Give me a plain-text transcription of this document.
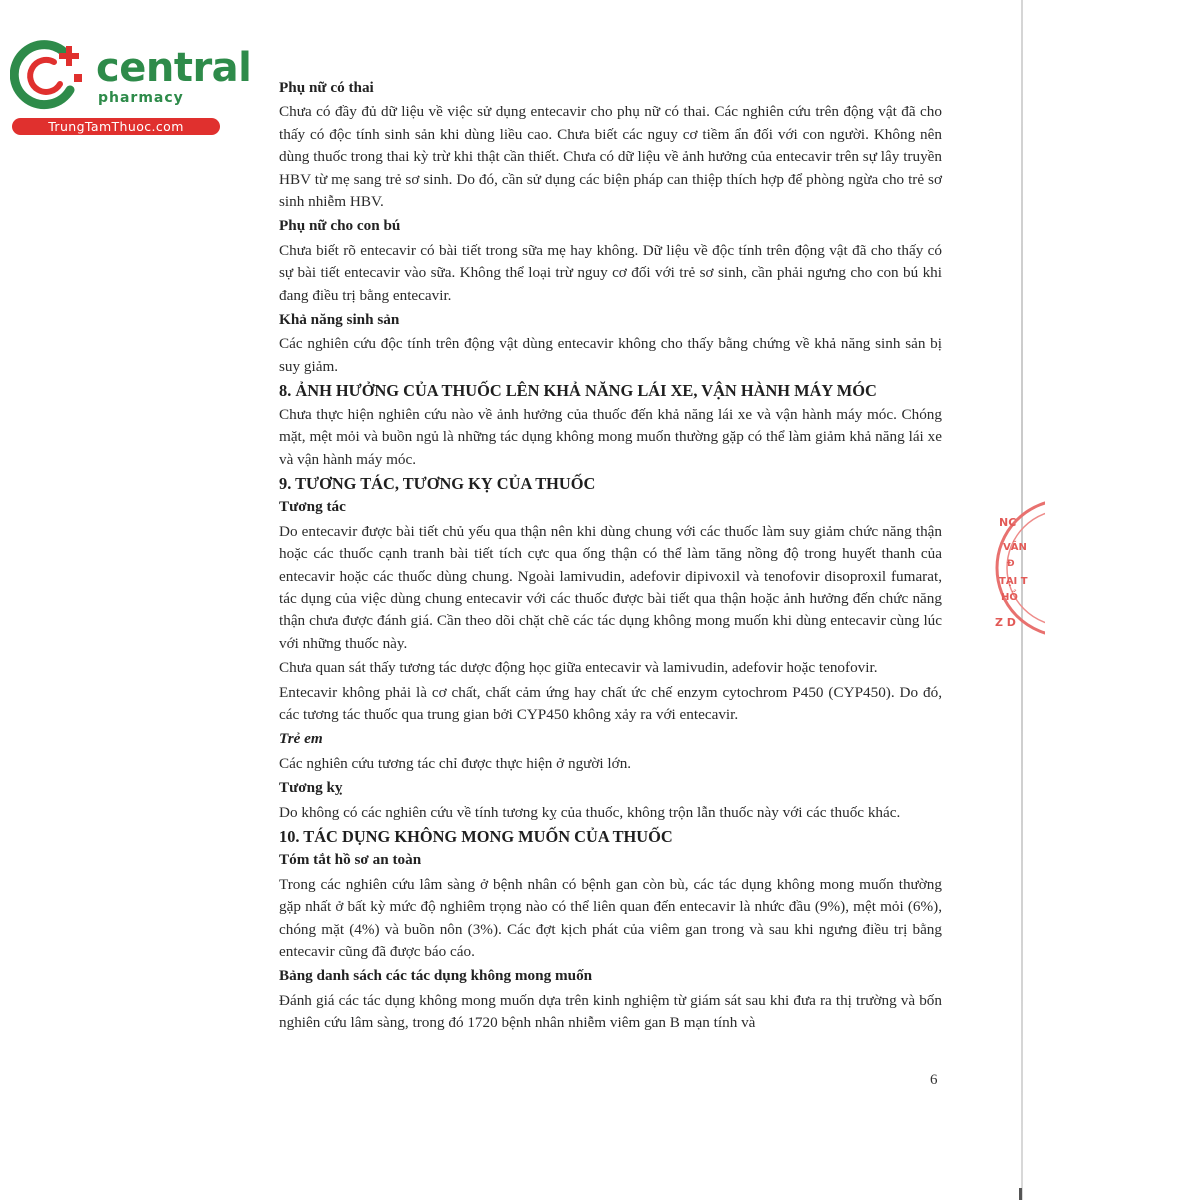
central
pharmacy
TrungTamThuoc.com
NC
VĂN
Đ
TẠI T
HỒ
Z D

Phụ nữ có thai

Chưa có đầy đủ dữ liệu về việc sử dụng entecavir cho phụ nữ có thai. Các nghiên cứu trên động vật đã cho thấy có độc tính sinh sản khi dùng liều cao. Chưa biết các nguy cơ tiềm ẩn đối với con người. Không nên dùng thuốc trong thai kỳ trừ khi thật cần thiết. Chưa có dữ liệu về ảnh hưởng của entecavir trên sự lây truyền HBV từ mẹ sang trẻ sơ sinh. Do đó, cần sử dụng các biện pháp can thiệp thích hợp để phòng ngừa cho trẻ sơ sinh nhiễm HBV.

Phụ nữ cho con bú

Chưa biết rõ entecavir có bài tiết trong sữa mẹ hay không. Dữ liệu về độc tính trên động vật đã cho thấy có sự bài tiết entecavir vào sữa. Không thể loại trừ nguy cơ đối với trẻ sơ sinh, cần phải ngưng cho con bú khi đang điều trị bằng entecavir.

Khả năng sinh sản

Các nghiên cứu độc tính trên động vật dùng entecavir không cho thấy bằng chứng về khả năng sinh sản bị suy giảm.

8. ẢNH HƯỞNG CỦA THUỐC LÊN KHẢ NĂNG LÁI XE, VẬN HÀNH MÁY MÓC

Chưa thực hiện nghiên cứu nào về ảnh hưởng của thuốc đến khả năng lái xe và vận hành máy móc. Chóng mặt, mệt mỏi và buồn ngủ là những tác dụng không mong muốn thường gặp có thể làm giảm khả năng lái xe và vận hành máy móc.

9. TƯƠNG TÁC, TƯƠNG KỴ CỦA THUỐC

Tương tác

Do entecavir được bài tiết chủ yếu qua thận nên khi dùng chung với các thuốc làm suy giảm chức năng thận hoặc các thuốc cạnh tranh bài tiết tích cực qua ống thận có thể làm tăng nồng độ trong huyết thanh của entecavir hoặc các thuốc dùng chung. Ngoài lamivudin, adefovir dipivoxil và tenofovir disoproxil fumarat, tác dụng của việc dùng chung entecavir với các thuốc được bài tiết qua thận hoặc ảnh hưởng đến chức năng thận chưa được đánh giá. Cần theo dõi chặt chẽ các tác dụng không mong muốn khi dùng entecavir cùng lúc với những thuốc này.

Chưa quan sát thấy tương tác dược động học giữa entecavir và lamivudin, adefovir hoặc tenofovir.

Entecavir không phải là cơ chất, chất cảm ứng hay chất ức chế enzym cytochrom P450 (CYP450). Do đó, các tương tác thuốc qua trung gian bởi CYP450 không xảy ra với entecavir.

Trẻ em

Các nghiên cứu tương tác chỉ được thực hiện ở người lớn.

Tương kỵ

Do không có các nghiên cứu về tính tương kỵ của thuốc, không trộn lẫn thuốc này với các thuốc khác.

10. TÁC DỤNG KHÔNG MONG MUỐN CỦA THUỐC

Tóm tắt hồ sơ an toàn

Trong các nghiên cứu lâm sàng ở bệnh nhân có bệnh gan còn bù, các tác dụng không mong muốn thường gặp nhất ở bất kỳ mức độ nghiêm trọng nào có thể liên quan đến entecavir là nhức đầu (9%), mệt mỏi (6%), chóng mặt (4%) và buồn nôn (3%). Các đợt kịch phát của viêm gan trong và sau khi ngưng điều trị bằng entecavir cũng đã được báo cáo.

Bảng danh sách các tác dụng không mong muốn

Đánh giá các tác dụng không mong muốn dựa trên kinh nghiệm từ giám sát sau khi đưa ra thị trường và bốn nghiên cứu lâm sàng, trong đó 1720 bệnh nhân nhiễm viêm gan B mạn tính và

6
